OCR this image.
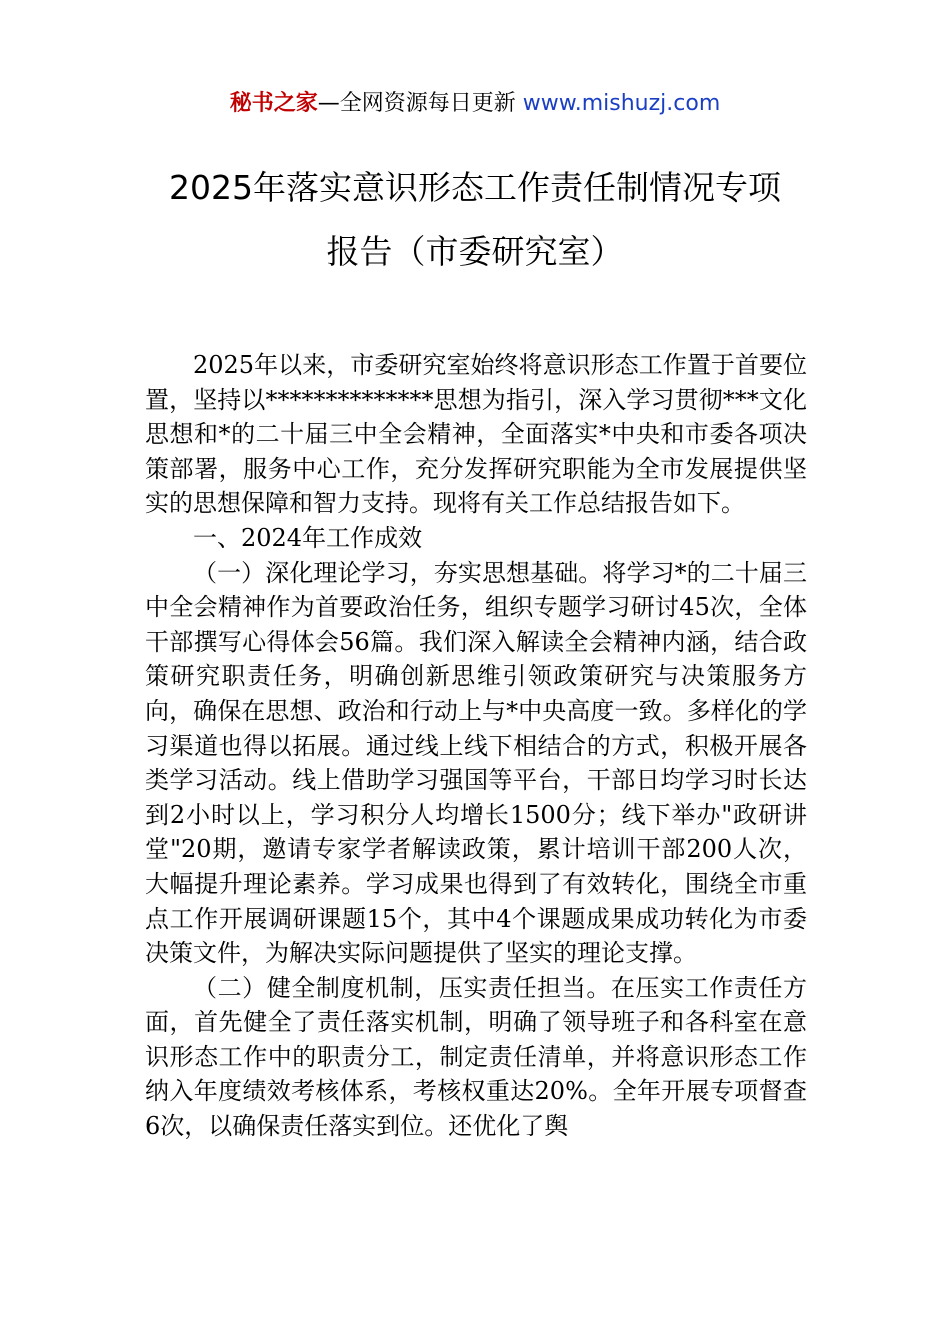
秘书之家—全网资源每日更新 www.mishuzj.com
2025年落实意识形态工作责任制情况专项
报告（市委研究室）

2025年以来，市委研究室始终将意识形态工作置于首要位置，坚持以**************思想为指引，深入学习贯彻***文化思想和*的二十届三中全会精神，全面落实*中央和市委各项决策部署，服务中心工作，充分发挥研究职能为全市发展提供坚实的思想保障和智力支持。现将有关工作总结报告如下。

一、2024年工作成效

（一）深化理论学习，夯实思想基础。将学习*的二十届三中全会精神作为首要政治任务，组织专题学习研讨45次，全体干部撰写心得体会56篇。我们深入解读全会精神内涵，结合政策研究职责任务，明确创新思维引领政策研究与决策服务方向，确保在思想、政治和行动上与*中央高度一致。多样化的学习渠道也得以拓展。通过线上线下相结合的方式，积极开展各类学习活动。线上借助学习强国等平台，干部日均学习时长达到2小时以上，学习积分人均增长1500分；线下举办"政研讲堂"20期，邀请专家学者解读政策，累计培训干部200人次，大幅提升理论素养。学习成果也得到了有效转化，围绕全市重点工作开展调研课题15个，其中4个课题成果成功转化为市委决策文件，为解决实际问题提供了坚实的理论支撑。

（二）健全制度机制，压实责任担当。在压实工作责任方面，首先健全了责任落实机制，明确了领导班子和各科室在意识形态工作中的职责分工，制定责任清单，并将意识形态工作纳入年度绩效考核体系，考核权重达20%。全年开展专项督查6次，以确保责任落实到位。还优化了舆
